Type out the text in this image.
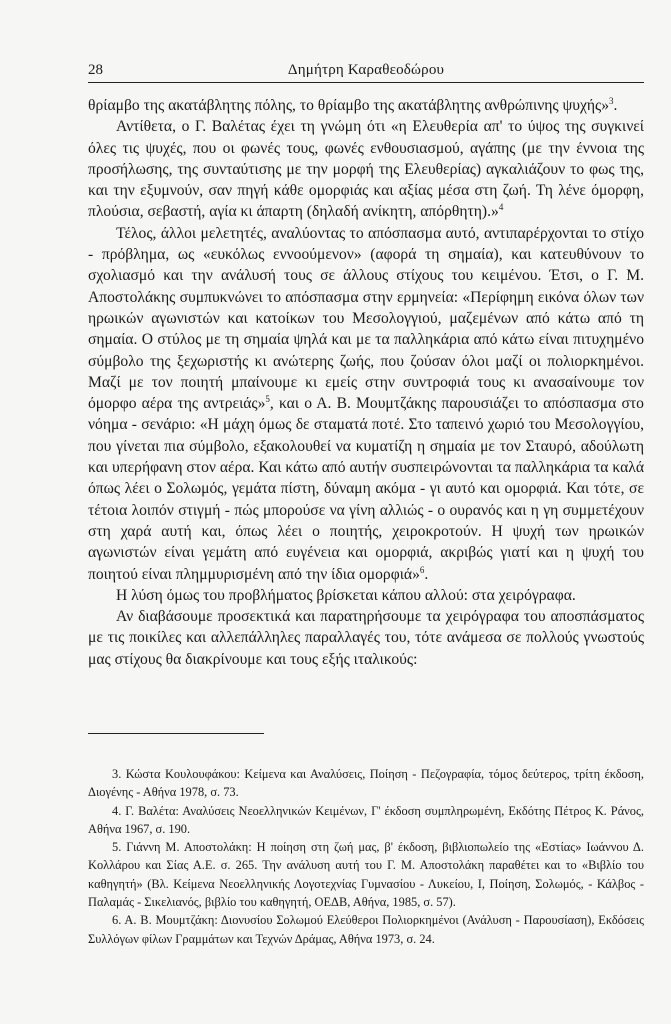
28	Δημήτρη Καραθεοδώρου

θρίαμβο της ακατάβλητης πόλης, το θρίαμβο της ακατάβλητης ανθρώπινης ψυχής»$^3$.

Αντίθετα, ο Γ. Βαλέτας έχει τη γνώμη ότι «η Ελευθερία απ' το ύψος της συγκινεί όλες τις ψυχές, που οι φωνές τους, φωνές ενθουσιασμού, αγάπης (με την έννοια της προσήλωσης, της συνταύτισης με την μορφή της Ελευθερίας) αγκαλιάζουν το φως της, και την εξυμνούν, σαν πηγή κάθε ομορφιάς και αξίας μέσα στη ζωή. Τη λένε όμορφη, πλούσια, σεβαστή, αγία κι άπαρτη (δηλαδή ανίκητη, απόρθητη).»$^4$

Τέλος, άλλοι μελετητές, αναλύοντας το απόσπασμα αυτό, αντιπαρέρχονται το στίχο - πρόβλημα, ως «ευκόλως εννοούμενον» (αφορά τη σημαία), και κατευθύνουν το σχολιασμό και την ανάλυσή τους σε άλλους στίχους του κειμένου. Έτσι, ο Γ. Μ. Αποστολάκης συμπυκνώνει το απόσπασμα στην ερμηνεία: «Περίφημη εικόνα όλων των ηρωικών αγωνιστών και κατοίκων του Μεσολογγιού, μαζεμένων από κάτω από τη σημαία. Ο στύλος με τη σημαία ψηλά και με τα παλληκάρια από κάτω είναι πιτυχημένο σύμβολο της ξεχωριστής κι ανώτερης ζωής, που ζούσαν όλοι μαζί οι πολιορκημένοι. Μαζί με τον ποιητή μπαίνουμε κι εμείς στην συντροφιά τους κι ανασαίνουμε τον όμορφο αέρα της αντρειάς»$^5$, και ο Α. Β. Μουμτζάκης παρουσιάζει το απόσπασμα στο νόημα - σενάριο: «Η μάχη όμως δε σταματά ποτέ. Στο ταπεινό χωριό του Μεσολογγίου, που γίνεται πια σύμβολο, εξακολουθεί να κυματίζη η σημαία με τον Σταυρό, αδούλωτη και υπερήφανη στον αέρα. Και κάτω από αυτήν συσπειρώνονται τα παλληκάρια τα καλά όπως λέει ο Σολωμός, γεμάτα πίστη, δύναμη ακόμα - γι αυτό και ομορφιά. Και τότε, σε τέτοια λοιπόν στιγμή - πώς μπορούσε να γίνη αλλιώς - ο ουρανός και η γη συμμετέχουν στη χαρά αυτή και, όπως λέει ο ποιητής, χειροκροτούν. Η ψυχή των ηρωικών αγωνιστών είναι γεμάτη από ευγένεια και ομορφιά, ακριβώς γιατί και η ψυχή του ποιητού είναι πλημμυρισμένη από την ίδια ομορφιά»$^6$.

Η λύση όμως του προβλήματος βρίσκεται κάπου αλλού: στα χειρόγραφα.

Αν διαβάσουμε προσεκτικά και παρατηρήσουμε τα χειρόγραφα του αποσπάσματος με τις ποικίλες και αλλεπάλληλες παραλλαγές του, τότε ανάμεσα σε πολλούς γνωστούς μας στίχους θα διακρίνουμε και τους εξής ιταλικούς:

3. Κώστα Κουλουφάκου: Κείμενα και Αναλύσεις, Ποίηση - Πεζογραφία, τόμος δεύτερος, τρίτη έκδοση, Διογένης - Αθήνα 1978, σ. 73.

4. Γ. Βαλέτα: Αναλύσεις Νεοελληνικών Κειμένων, Γ' έκδοση συμπληρωμένη, Εκδότης Πέτρος Κ. Ράνος, Αθήνα 1967, σ. 190.

5. Γιάννη Μ. Αποστολάκη: Η ποίηση στη ζωή μας, β' έκδοση, βιβλιοπωλείο της «Εστίας» Ιωάννου Δ. Κολλάρου και Σίας Α.Ε. σ. 265. Την ανάλυση αυτή του Γ. Μ. Αποστολάκη παραθέτει και το «Βιβλίο του καθηγητή» (Βλ. Κείμενα Νεοελληνικής Λογοτεχνίας Γυμνασίου - Λυκείου, Ι, Ποίηση, Σολωμός, - Κάλβος - Παλαμάς - Σικελιανός, βιβλίο του καθηγητή, ΟΕΔΒ, Αθήνα, 1985, σ. 57).

6. Α. Β. Μουμτζάκη: Διονυσίου Σολωμού Ελεύθεροι Πολιορκημένοι (Ανάλυση - Παρουσίαση), Εκδόσεις Συλλόγων φίλων Γραμμάτων και Τεχνών Δράμας, Αθήνα 1973, σ. 24.
